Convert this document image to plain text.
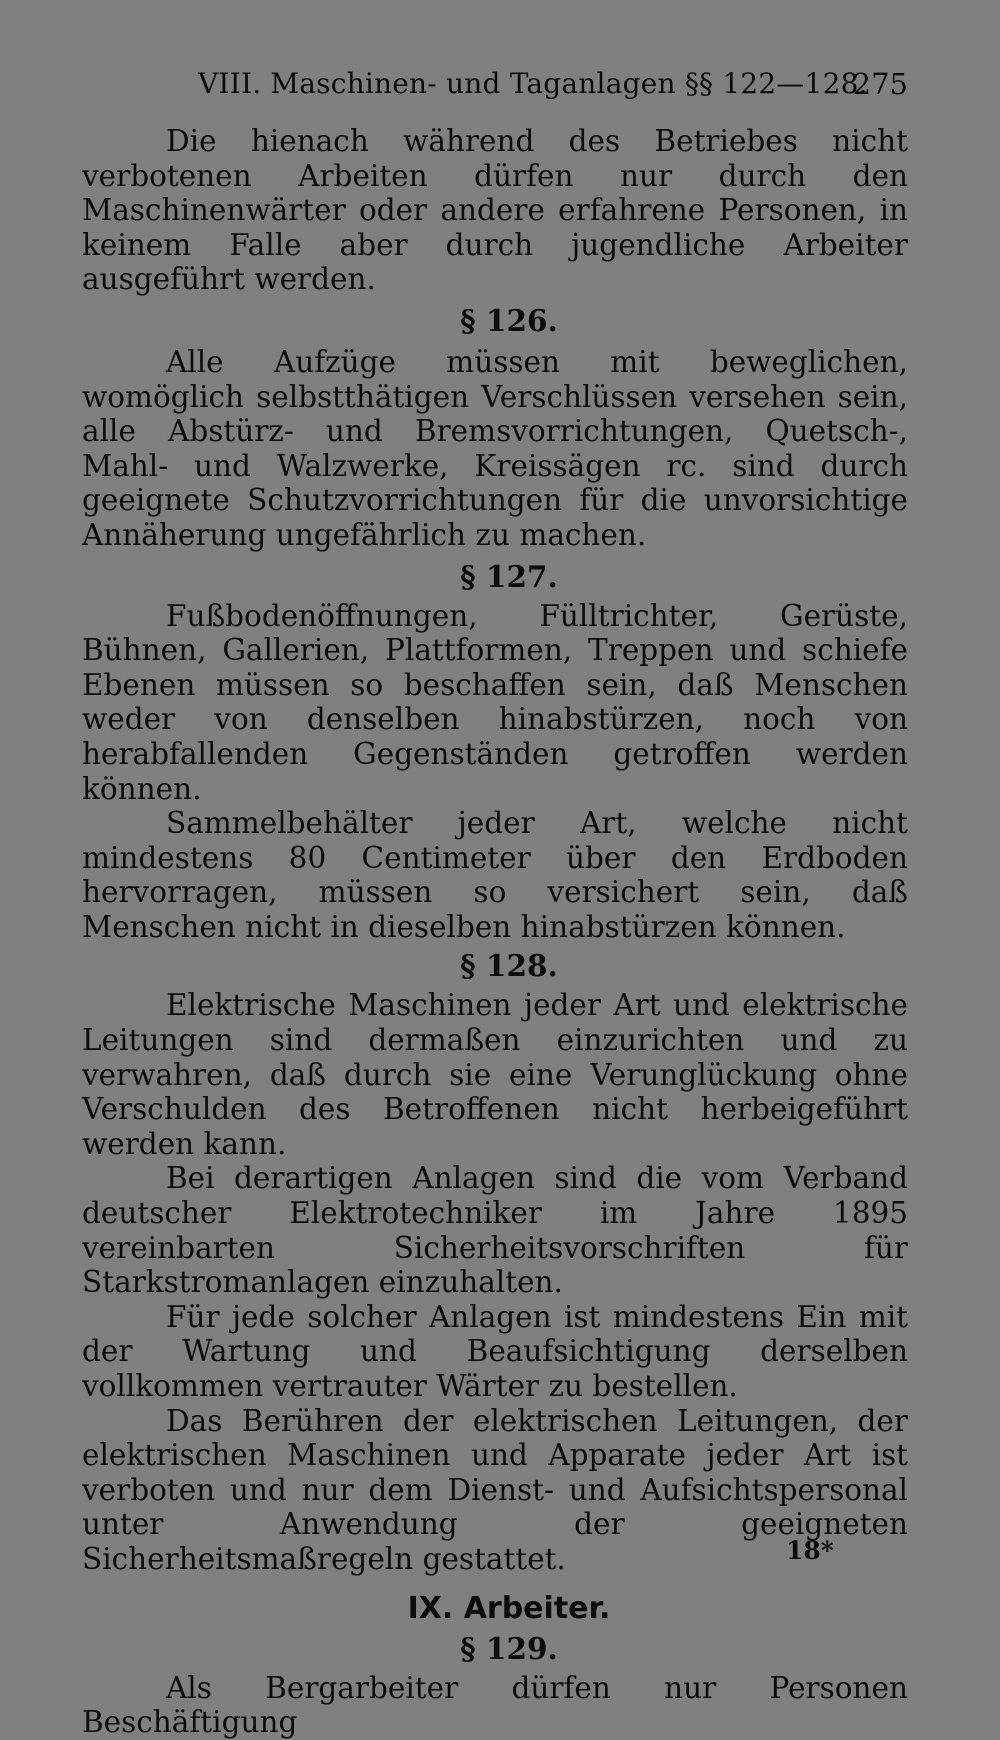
VIII. Maschinen- und Taganlagen §§ 122—128.
275

Die hienach während des Betriebes nicht verbotenen Arbeiten dürfen nur durch den Maschinenwärter oder andere erfahrene Personen, in keinem Falle aber durch jugendliche Arbeiter ausgeführt werden.

§ 126.

Alle Aufzüge müssen mit beweglichen, womöglich selbstthätigen Verschlüssen versehen sein, alle Abstürz- und Bremsvorrichtungen, Quetsch-, Mahl- und Walzwerke, Kreissägen rc. sind durch geeignete Schutzvorrichtungen für die unvorsichtige Annäherung ungefährlich zu machen.

§ 127.

Fußbodenöffnungen, Fülltrichter, Gerüste, Bühnen, Gallerien, Plattformen, Treppen und schiefe Ebenen müssen so beschaffen sein, daß Menschen weder von denselben hinabstürzen, noch von herabfallenden Gegenständen getroffen werden können.

Sammelbehälter jeder Art, welche nicht mindestens 80 Centimeter über den Erdboden hervorragen, müssen so versichert sein, daß Menschen nicht in dieselben hinabstürzen können.

§ 128.

Elektrische Maschinen jeder Art und elektrische Leitungen sind dermaßen einzurichten und zu verwahren, daß durch sie eine Verunglückung ohne Verschulden des Betroffenen nicht herbeigeführt werden kann.

Bei derartigen Anlagen sind die vom Verband deutscher Elektrotechniker im Jahre 1895 vereinbarten Sicherheitsvorschriften für Starkstromanlagen einzuhalten.

Für jede solcher Anlagen ist mindestens Ein mit der Wartung und Beaufsichtigung derselben vollkommen vertrauter Wärter zu bestellen.

Das Berühren der elektrischen Leitungen, der elektrischen Maschinen und Apparate jeder Art ist verboten und nur dem Dienst- und Aufsichtspersonal unter Anwendung der geeigneten Sicherheitsmaßregeln gestattet.

IX. Arbeiter.
§ 129.

Als Bergarbeiter dürfen nur Personen Beschäftigung

18*
